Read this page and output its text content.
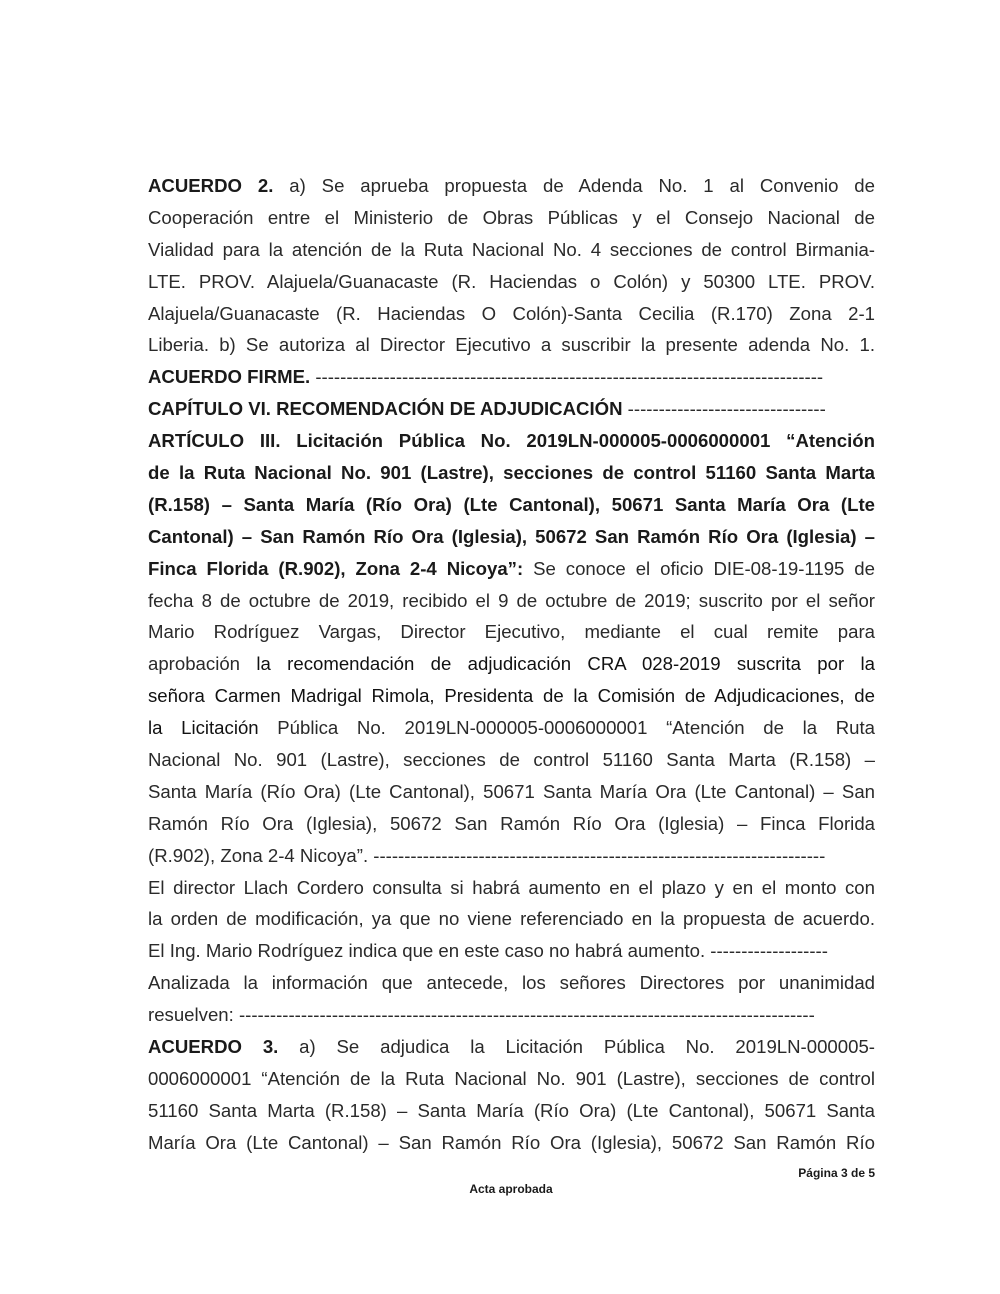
ACUERDO 2. a) Se aprueba propuesta de Adenda No. 1 al Convenio de
Cooperación entre el Ministerio de Obras Públicas y el Consejo Nacional de
Vialidad para la atención de la Ruta Nacional No. 4 secciones de control Birmania-
LTE. PROV. Alajuela/Guanacaste (R. Haciendas o Colón) y 50300 LTE. PROV.
Alajuela/Guanacaste (R. Haciendas O Colón)-Santa Cecilia (R.170) Zona 2-1
Liberia. b) Se autoriza al Director Ejecutivo a suscribir la presente adenda No. 1.
ACUERDO FIRME. ----------------------------------------------------------------------------------
CAPÍTULO VI. RECOMENDACIÓN DE ADJUDICACIÓN --------------------------------
ARTÍCULO III. Licitación Pública No. 2019LN-000005-0006000001 “Atención
de la Ruta Nacional No. 901 (Lastre), secciones de control 51160 Santa Marta
(R.158) – Santa María (Río Ora) (Lte Cantonal), 50671 Santa María Ora (Lte
Cantonal) – San Ramón Río Ora (Iglesia), 50672 San Ramón Río Ora (Iglesia) –
Finca Florida (R.902), Zona 2-4 Nicoya”: Se conoce el oficio DIE-08-19-1195 de
fecha 8 de octubre de 2019, recibido el 9 de octubre de 2019; suscrito por el señor
Mario Rodríguez Vargas, Director Ejecutivo, mediante el cual remite para
aprobación la recomendación de adjudicación CRA 028-2019 suscrita por la
señora Carmen Madrigal Rimola, Presidenta de la Comisión de Adjudicaciones, de
la Licitación Pública No. 2019LN-000005-0006000001 “Atención de la Ruta
Nacional No. 901 (Lastre), secciones de control 51160 Santa Marta (R.158) –
Santa María (Río Ora) (Lte Cantonal), 50671 Santa María Ora (Lte Cantonal) – San
Ramón Río Ora (Iglesia), 50672 San Ramón Río Ora (Iglesia) – Finca Florida
(R.902), Zona 2-4 Nicoya”. -------------------------------------------------------------------------
El director Llach Cordero consulta si habrá aumento en el plazo y en el monto con
la orden de modificación, ya que no viene referenciado en la propuesta de acuerdo.
El Ing. Mario Rodríguez indica que en este caso no habrá aumento. -------------------
Analizada la información que antecede, los señores Directores por unanimidad
resuelven: ---------------------------------------------------------------------------------------------
ACUERDO 3. a) Se adjudica la Licitación Pública No. 2019LN-000005-
0006000001 “Atención de la Ruta Nacional No. 901 (Lastre), secciones de control
51160 Santa Marta (R.158) – Santa María (Río Ora) (Lte Cantonal), 50671 Santa
María Ora (Lte Cantonal) – San Ramón Río Ora (Iglesia), 50672 San Ramón Río
Página 3 de 5
Acta aprobada
